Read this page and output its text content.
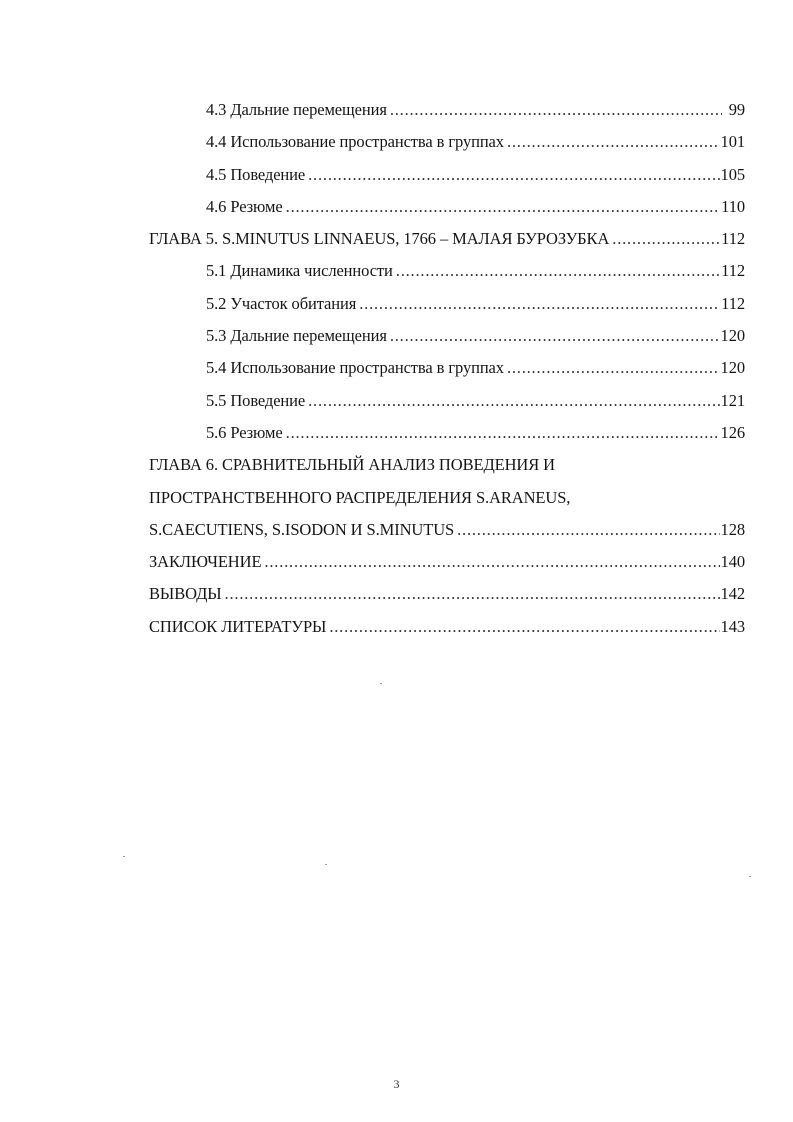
4.3 Дальние перемещения .....	99
4.4 Использование пространства в группах .....	101
4.5 Поведение .....	105
4.6 Резюме .....	110
ГЛАВА 5. S.MINUTUS LINNAEUS, 1766 – МАЛАЯ БУРОЗУБКА .....	112
5.1 Динамика численности .....	112
5.2 Участок обитания .....	112
5.3 Дальние перемещения .....	120
5.4 Использование пространства в группах .....	120
5.5 Поведение .....	121
5.6 Резюме .....	126
ГЛАВА 6. СРАВНИТЕЛЬНЫЙ АНАЛИЗ ПОВЕДЕНИЯ И
ПРОСТРАНСТВЕННОГО РАСПРЕДЕЛЕНИЯ S.ARANEUS,
S.CAECUTIENS, S.ISODON И S.MINUTUS .....	128
ЗАКЛЮЧЕНИЕ .....	140
ВЫВОДЫ .....	142
СПИСОК ЛИТЕРАТУРЫ .....	143
3
